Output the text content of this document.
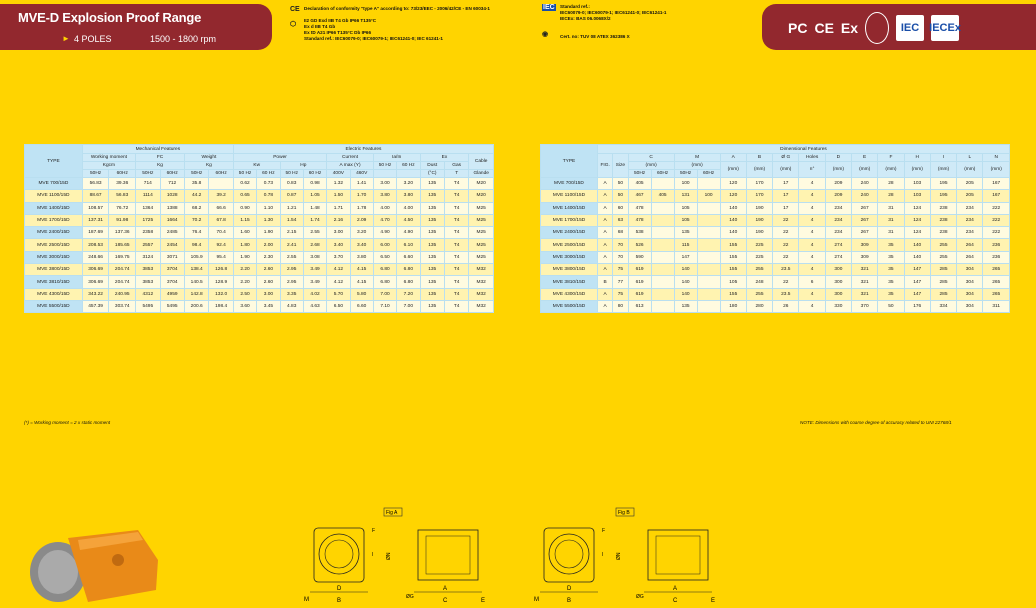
MVE-D Explosion Proof Range
► 4 POLES	1500 - 1800 rpm
PC CE Ex	IEC IECEx
CE Declaration of conformity "type A" according to: 73/23/EEC - 2006/42/CE - EN 60034-1
⬡
II2 GD Exd IIB T4 Gb IP66 T135°C
Ex d IIB T4 Gb
Ex tD A21 IP66 T135°C Db IP66
Standard ref.: IEC60079-0; IEC60079-1; IEC61241-0; IEC 61241-1
IEC Standard ref.:
IEC60079-0; IEC60079-1; IEC61241-0; IEC61241-1
IECEx: BAS 06.0068X/2
◉	Cert. no: TUV 08 ATEX 362386 X
TYPE	Mechanical Features						Electric Features										
	Working moment		FC		Weight		Power				Current		Ia/In		Ex		Cable
	Kgcm		Kg		Kg		Kw		Hp		A max (Y)		50 Hz	60 Hz	Dust	Gas	
	50Hz	60Hz	50Hz	60Hz	50Hz	60Hz	50 Hz	60 Hz	50 Hz	60 Hz	400V	460V			(°C)	T	Glande
MVE 700/15D	56.83	39.36	714	712	35.8		0.62	0.73	0.83	0.98	1.32	1.41	3.00	3.20	135	T4	M20
MVE 1100/15D	88.67	56.83	1114	1028	44.2	39.2	0.65	0.78	0.87	1.05	1.50	1.70	3.80	3.80	135	T4	M20
MVE 1400/15D	108.57	76.72	1364	1388	68.2	66.6	0.90	1.10	1.21	1.48	1.71	1.78	4.00	4.00	135	T4	M25
MVE 1700/15D	137.31	91.98	1725	1664	70.2	67.8	1.15	1.30	1.54	1.74	2.16	2.09	4.70	4.50	135	T4	M25
MVE 2400/15D	187.69	137.36	2358	2485	76.4	70.4	1.60	1.90	2.15	2.55	3.00	3.20	4.90	4.90	135	T4	M25
MVE 2500/15D	208.53	185.65	2557	2454	98.4	92.4	1.80	2.00	2.41	2.68	3.40	3.40	6.00	6.10	135	T4	M25
MVE 3000/15D	248.66	169.75	3124	3071	105.9	95.4	1.90	2.30	2.55	3.08	3.70	3.80	6.50	6.60	135	T4	M25
MVE 3800/15D	306.69	204.74	3853	3704	138.4	126.8	2.20	2.60	2.95	3.49	4.12	4.15	6.80	6.80	135	T4	M32
MVE 3810/15D	306.69	204.74	3853	3704	140.5	128.9	2.20	2.60	2.95	3.49	4.12	4.15	6.80	6.80	135	T4	M32
MVE 4300/15D	343.22	240.95	4312	4959	142.8	132.0	2.50	3.00	3.35	4.02	5.70	5.80	7.00	7.20	135	T4	M32
MVE 5500/15D	457.39	303.74	5495	5495	200.6	198.4	3.60	3.45	4.83	4.63	6.50	6.60	7.10	7.00	135	T4	M32
TYPE	Dimensional Features																
	FIG.	Size	C		M		A	B	Ø G	Holes	D	E	F	H	I	L	N
			(mm)		(mm)		(mm)	(mm)	(mm)	n°	(mm)	(mm)	(mm)	(mm)	(mm)	(mm)	(mm)
			50Hz	60Hz	50Hz	60Hz											
MVE 700/15D	A	50	405		100		120	170	17	4	209	240	28	103	195	205	167
MVE 1100/15D	A	50	467	405	131	100	120	170	17	4	209	240	28	103	195	205	167
MVE 1400/15D	A	60	478		105		140	190	17	4	234	267	31	124	238	234	222
MVE 1700/15D	A	63	478		105		140	190	22	4	234	267	31	124	238	234	222
MVE 2400/15D	A	68	538		135		140	190	22	4	234	267	31	124	238	234	222
MVE 2500/15D	A	70	526		115		155	225	22	4	274	309	35	140	255	264	236
MVE 3000/15D	A	70	590		147		155	225	22	4	274	309	35	140	255	264	236
MVE 3800/15D	A	75	619		140		155	255	23.5	4	300	321	35	147	285	304	265
MVE 3810/15D	B	77	619		140		105	248	22	6	300	321	35	147	285	304	265
MVE 4300/15D	A	75	619		140		155	255	23.5	4	300	321	35	147	285	304	265
MVE 5500/15D	A	80	613		135		180	280	26	4	330	370	50	176	334	304	311
(*) = Working moment = 2 x static moment	NOTE: Dimensions with coarse degree of accuracy related to UNI 22768/1
Fig A
D
B
A
C	E
M
ØN
ØG
F
I
Fig B
D
B
A
C	E
M
ØN
ØG
F
I
